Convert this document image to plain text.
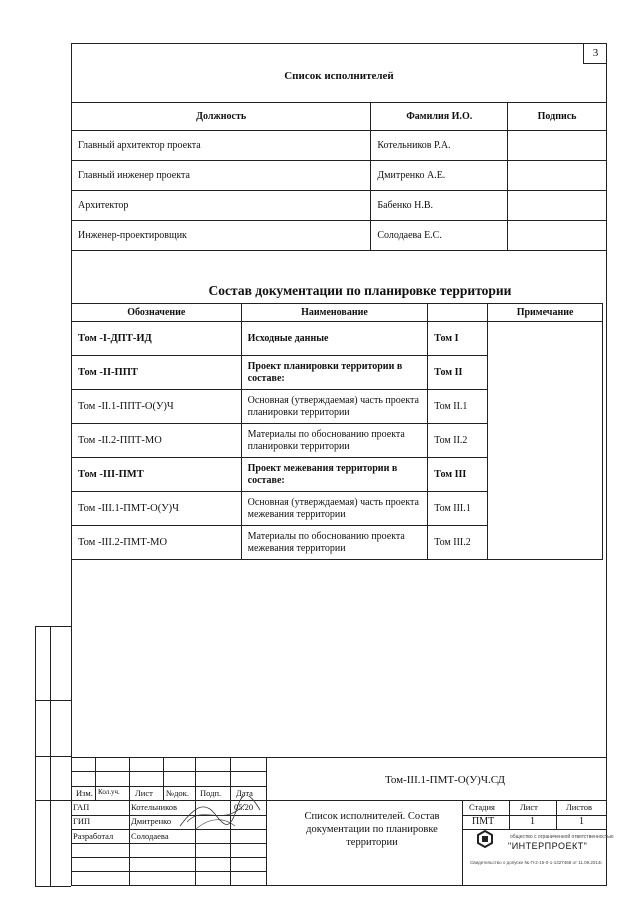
3
Список исполнителей
Должность	Фамилия И.О.	Подпись
Главный архитектор проекта	Котельников Р.А.	
Главный инженер проекта	Дмитренко А.Е.	
Архитектор	Бабенко Н.В.	
Инженер-проектировщик	Солодаева Е.С.	
Состав документации по планировке территории
Обозначение	Наименование		Примечание
Том -I-ДПТ-ИД	Исходные данные	Том I	
Том -II-ППТ	Проект планировки территории в составе:	Том II	
Том -II.1-ППТ-О(У)Ч	Основная (утверждаемая) часть проекта планировки территории	Том II.1	
Том -II.2-ППТ-МО	Материалы по обоснованию проекта планировки территории	Том II.2	
Том -III-ПМТ	Проект межевания территории в составе:	Том III	
Том -III.1-ПМТ-О(У)Ч	Основная (утверждаемая) часть проекта межевания территории	Том III.1	
Том -III.2-ПМТ-МО	Материалы по обоснованию проекта межевания территории	Том III.2	
Изм. Кол.уч. Лист №док. Подп. Дата
ГАП	Котельников	05.20
ГИП	Дмитренко
Разработал Солодаева
Том-III.1-ПМТ-О(У)Ч.СД
Список исполнителей. Состав документации по планировке территории
Стадия	Лист	Листов
ПМТ	1	1
общество с ограниченной ответственностью
"ИНТЕРПРОЕКТ"
Свидетельство о допуске № П-2-15-0-1-1327468 от 11.09.2014г.
